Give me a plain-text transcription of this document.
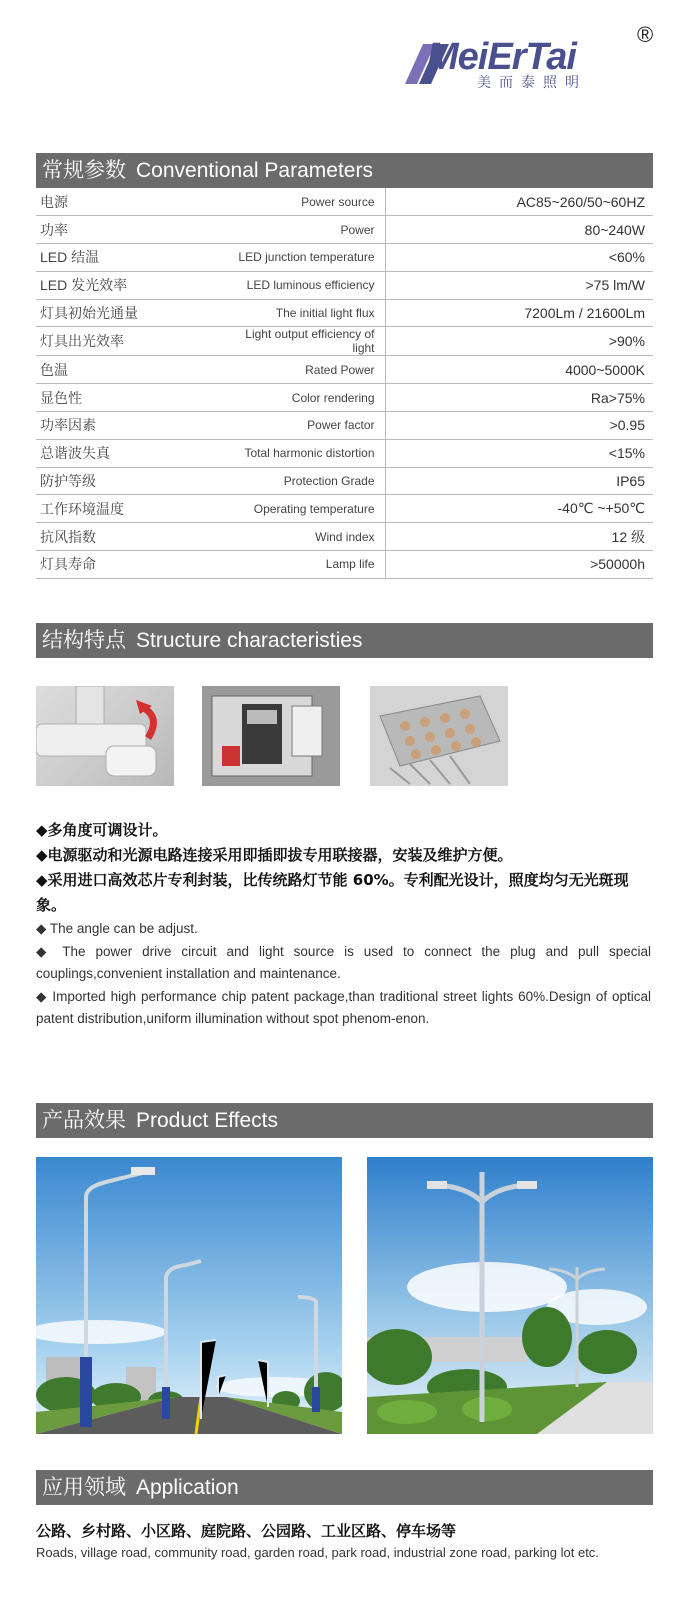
MeiErTai
美而泰照明
®
常规参数 Conventional Parameters
电源	Power source	AC85~260/50~60HZ
功率	Power	80~240W
LED 结温	LED junction temperature	<60%
LED 发光效率	LED luminous efficiency	>75 lm/W
灯具初始光通量	The initial light flux	7200Lm / 21600Lm
灯具出光效率	Light output efficiency of light	>90%
色温	Rated Power	4000~5000K
显色性	Color rendering	Ra>75%
功率因素	Power factor	>0.95
总谐波失真	Total harmonic distortion	<15%
防护等级	Protection Grade	IP65
工作环境温度	Operating temperature	-40℃ ~+50℃
抗风指数	Wind index	12 级
灯具寿命	Lamp life	>50000h
结构特点 Structure characteristies
◆多角度可调设计。
◆电源驱动和光源电路连接采用即插即拔专用联接器，安装及维护方便。
◆采用进口高效芯片专利封装，比传统路灯节能 60%。专利配光设计，照度均匀无光斑现象。

◆ The angle can be adjust.

◆ The power drive circuit and light source is used to connect the plug and pull special couplings,convenient installation and maintenance.

◆ Imported high performance chip patent package,than traditional street lights 60%.Design of optical patent distribution,uniform illumination without spot phenom-enon.

产品效果 Product Effects
应用领域 Application
公路、乡村路、小区路、庭院路、公园路、工业区路、停车场等
Roads, village road, community road, garden road, park road, industrial zone road, parking lot etc.
